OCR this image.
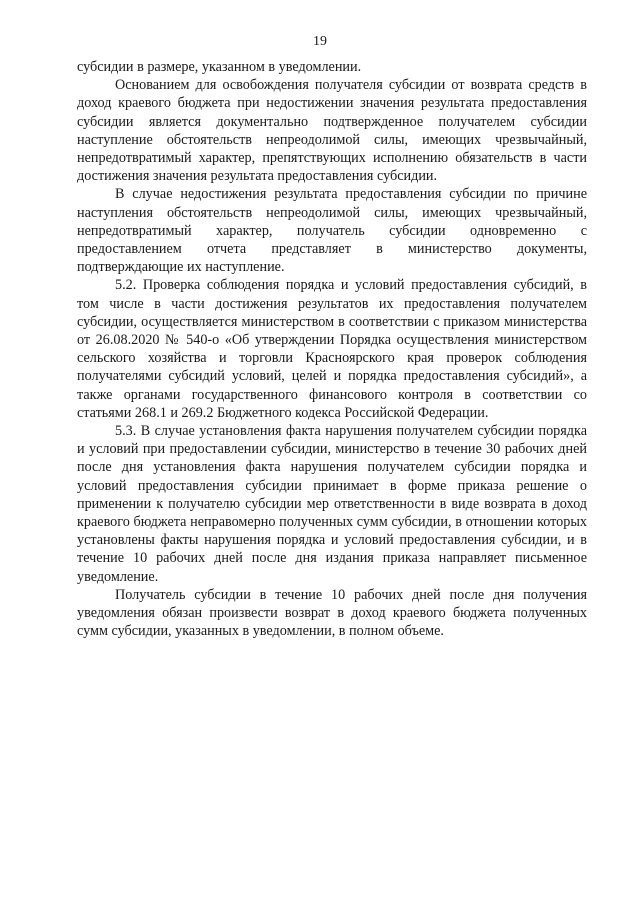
19

субсидии в размере, указанном в уведомлении.

Основанием для освобождения получателя субсидии от возврата средств в доход краевого бюджета при недостижении значения результата предоставления субсидии является документально подтвержденное получателем субсидии наступление обстоятельств непреодолимой силы, имеющих чрезвычайный, непредотвратимый характер, препятствующих исполнению обязательств в части достижения значения результата предоставления субсидии.

В случае недостижения результата предоставления субсидии по причине наступления обстоятельств непреодолимой силы, имеющих чрезвычайный, непредотвратимый характер, получатель субсидии одновременно с предоставлением отчета представляет в министерство документы, подтверждающие их наступление.

5.2. Проверка соблюдения порядка и условий предоставления субсидий, в том числе в части достижения результатов их предоставления получателем субсидии, осуществляется министерством в соответствии с приказом министерства от 26.08.2020 № 540-о «Об утверждении Порядка осуществления министерством сельского хозяйства и торговли Красноярского края проверок соблюдения получателями субсидий условий, целей и порядка предоставления субсидий», а также органами государственного финансового контроля в соответствии со статьями 268.1 и 269.2 Бюджетного кодекса Российской Федерации.

5.3. В случае установления факта нарушения получателем субсидии порядка и условий при предоставлении субсидии, министерство в течение 30 рабочих дней после дня установления факта нарушения получателем субсидии порядка и условий предоставления субсидии принимает в форме приказа решение о применении к получателю субсидии мер ответственности в виде возврата в доход краевого бюджета неправомерно полученных сумм субсидии, в отношении которых установлены факты нарушения порядка и условий предоставления субсидии, и в течение 10 рабочих дней после дня издания приказа направляет письменное уведомление.

Получатель субсидии в течение 10 рабочих дней после дня получения уведомления обязан произвести возврат в доход краевого бюджета полученных сумм субсидии, указанных в уведомлении, в полном объеме.
